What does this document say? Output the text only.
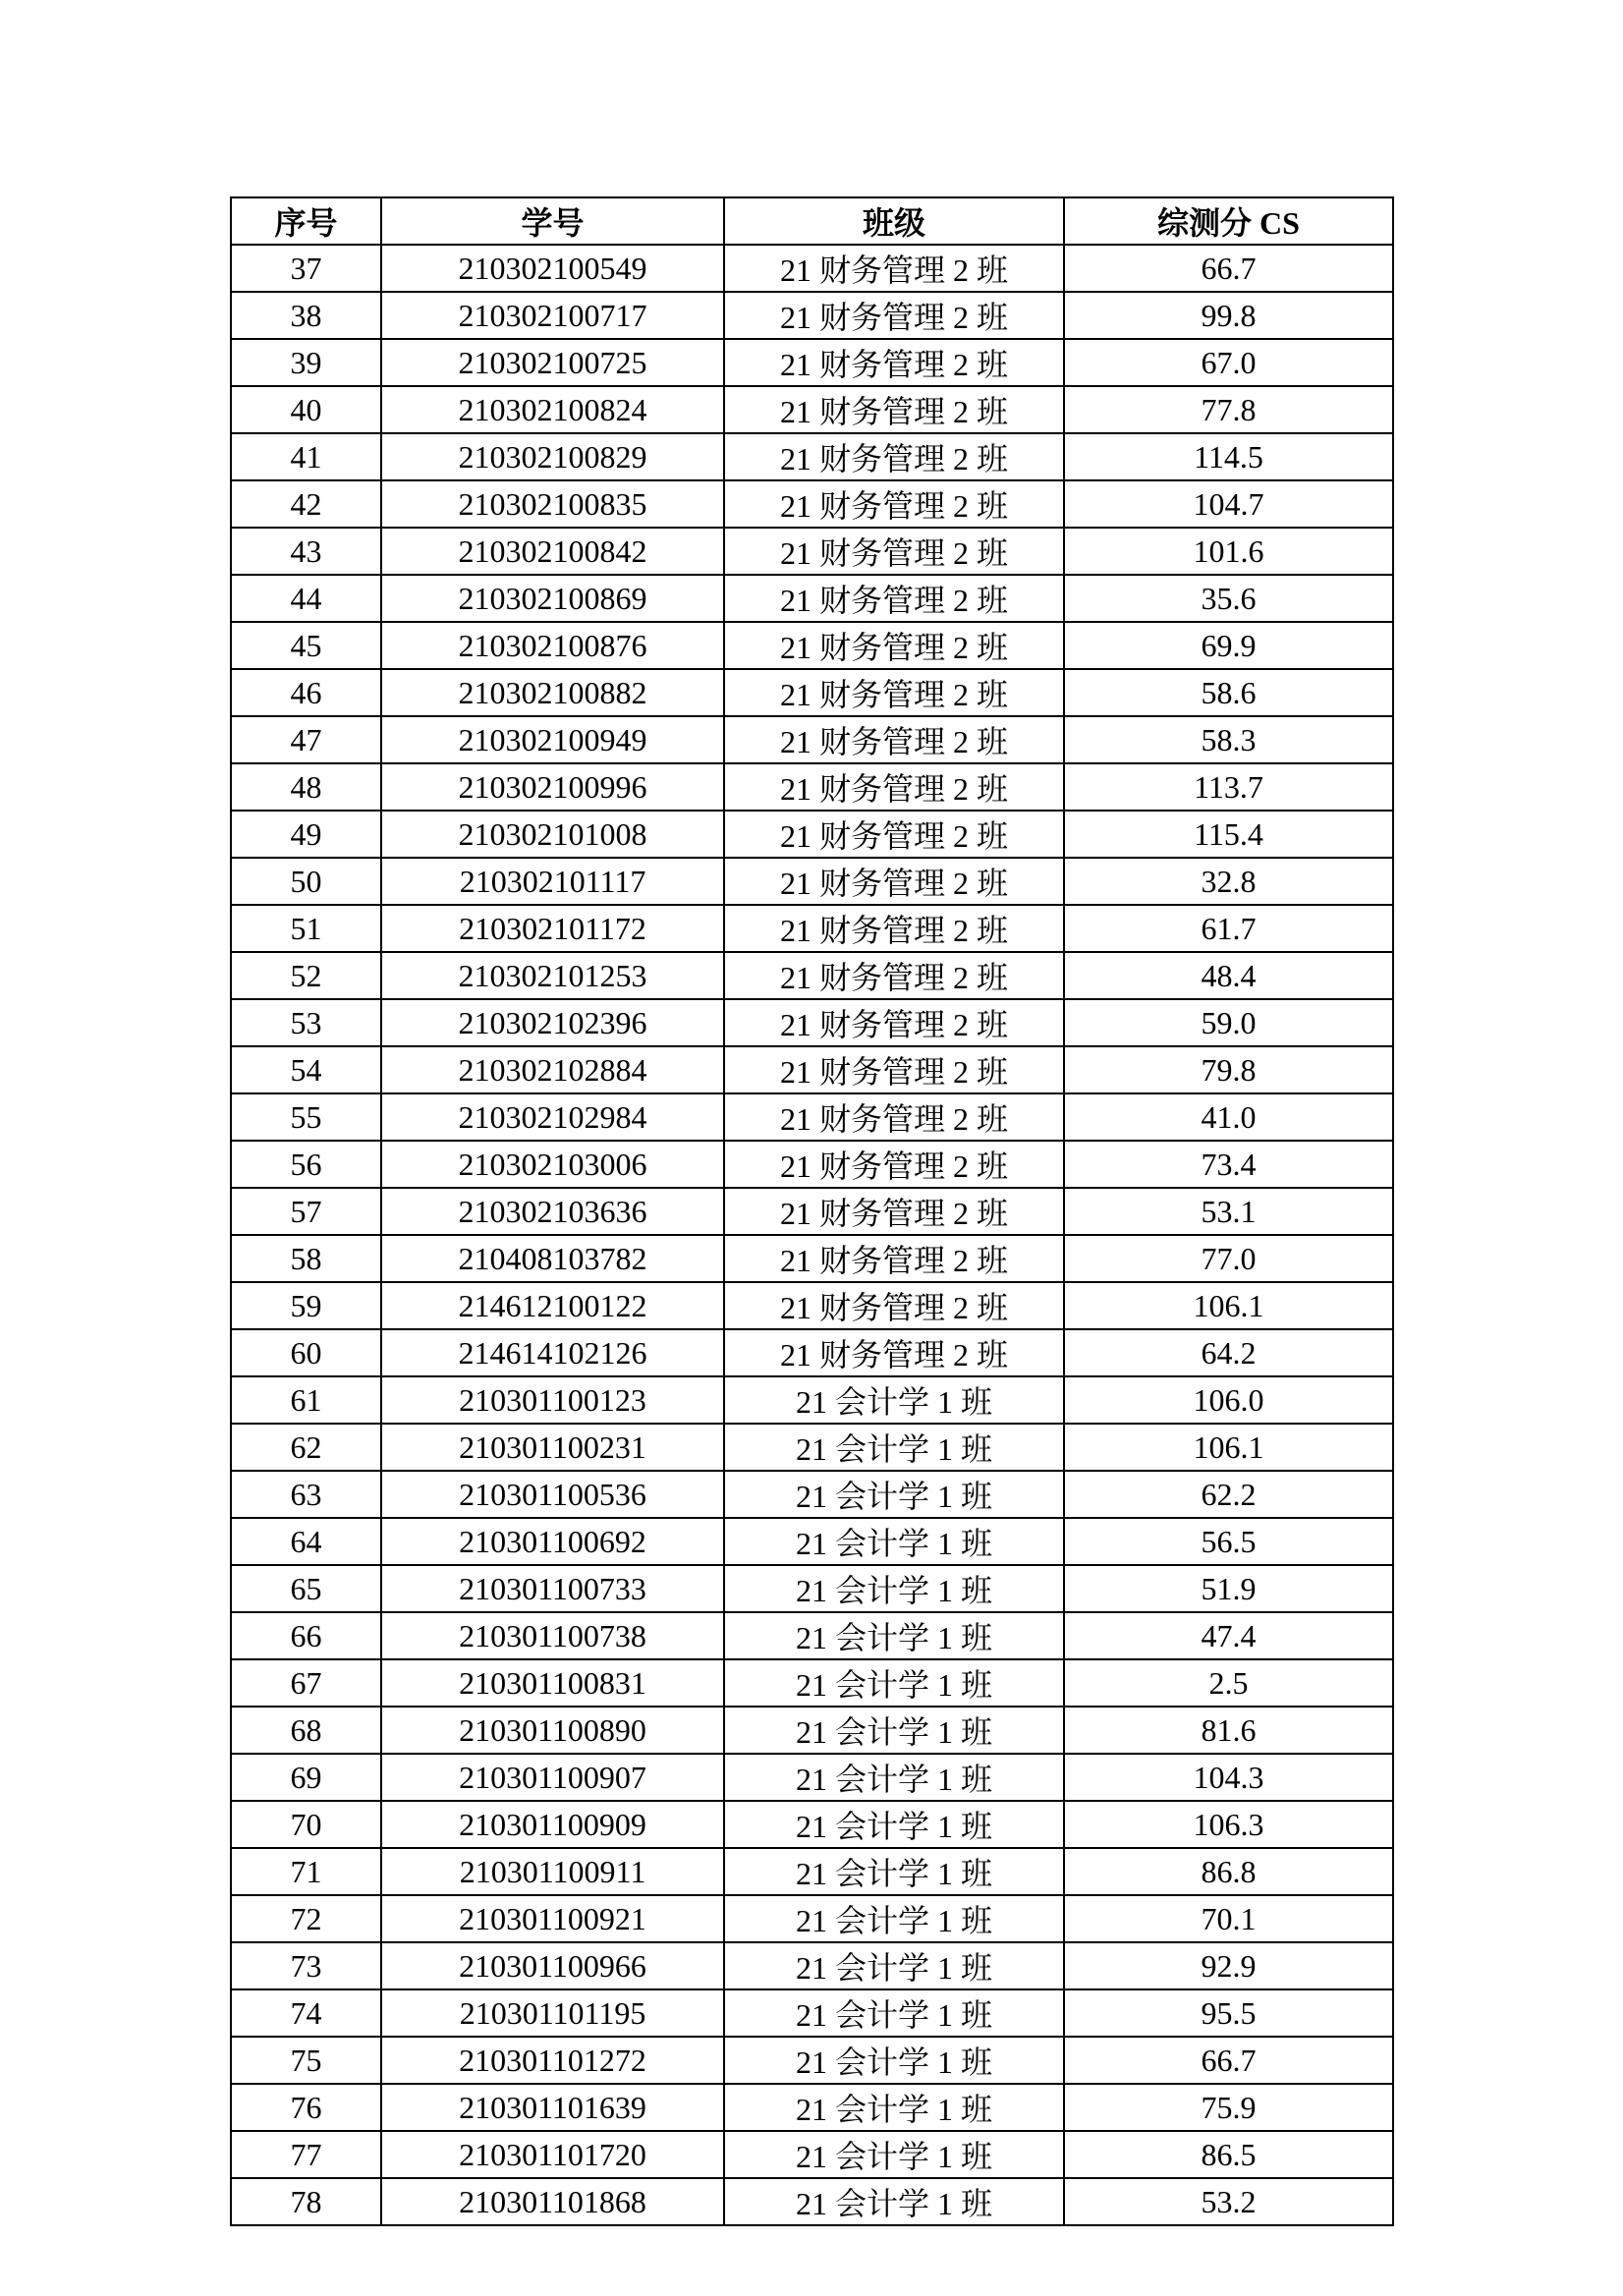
序号	学号	班级	综测分 CS
37	210302100549	21 财务管理 2 班	66.7
38	210302100717	21 财务管理 2 班	99.8
39	210302100725	21 财务管理 2 班	67.0
40	210302100824	21 财务管理 2 班	77.8
41	210302100829	21 财务管理 2 班	114.5
42	210302100835	21 财务管理 2 班	104.7
43	210302100842	21 财务管理 2 班	101.6
44	210302100869	21 财务管理 2 班	35.6
45	210302100876	21 财务管理 2 班	69.9
46	210302100882	21 财务管理 2 班	58.6
47	210302100949	21 财务管理 2 班	58.3
48	210302100996	21 财务管理 2 班	113.7
49	210302101008	21 财务管理 2 班	115.4
50	210302101117	21 财务管理 2 班	32.8
51	210302101172	21 财务管理 2 班	61.7
52	210302101253	21 财务管理 2 班	48.4
53	210302102396	21 财务管理 2 班	59.0
54	210302102884	21 财务管理 2 班	79.8
55	210302102984	21 财务管理 2 班	41.0
56	210302103006	21 财务管理 2 班	73.4
57	210302103636	21 财务管理 2 班	53.1
58	210408103782	21 财务管理 2 班	77.0
59	214612100122	21 财务管理 2 班	106.1
60	214614102126	21 财务管理 2 班	64.2
61	210301100123	21 会计学 1 班	106.0
62	210301100231	21 会计学 1 班	106.1
63	210301100536	21 会计学 1 班	62.2
64	210301100692	21 会计学 1 班	56.5
65	210301100733	21 会计学 1 班	51.9
66	210301100738	21 会计学 1 班	47.4
67	210301100831	21 会计学 1 班	2.5
68	210301100890	21 会计学 1 班	81.6
69	210301100907	21 会计学 1 班	104.3
70	210301100909	21 会计学 1 班	106.3
71	210301100911	21 会计学 1 班	86.8
72	210301100921	21 会计学 1 班	70.1
73	210301100966	21 会计学 1 班	92.9
74	210301101195	21 会计学 1 班	95.5
75	210301101272	21 会计学 1 班	66.7
76	210301101639	21 会计学 1 班	75.9
77	210301101720	21 会计学 1 班	86.5
78	210301101868	21 会计学 1 班	53.2
